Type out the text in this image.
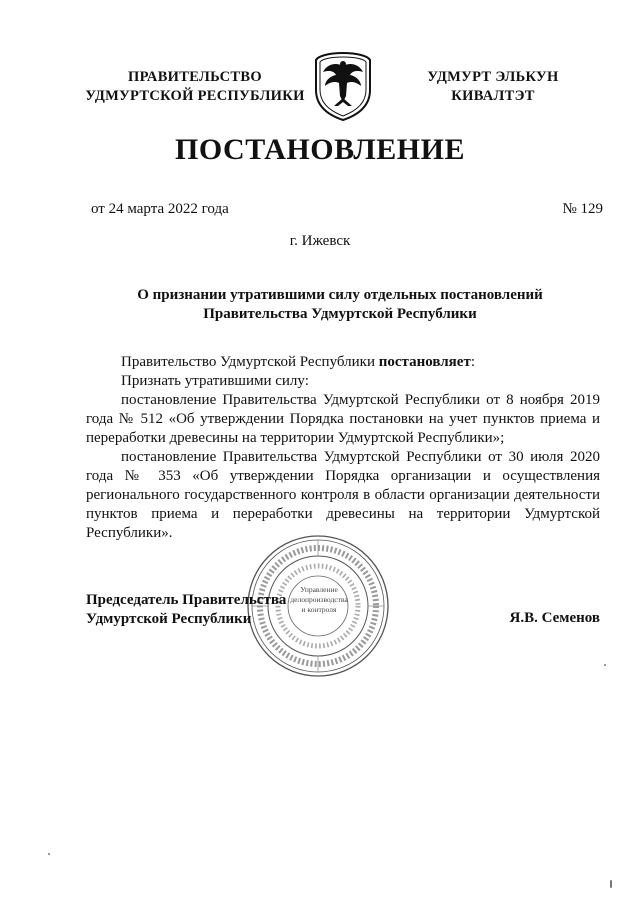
ПРАВИТЕЛЬСТВО
УДМУРТСКОЙ РЕСПУБЛИКИ
УДМУРТ ЭЛЬКУН
КИВАЛТЭТ
ПОСТАНОВЛЕНИЕ
от 24 марта 2022 года	№ 129
г. Ижевск
О признании утратившими силу отдельных постановлений
Правительства Удмуртской Республики

Правительство Удмуртской Республики постановляет:

Признать утратившими силу:

постановление Правительства Удмуртской Республики от 8 ноября 2019 года № 512 «Об утверждении Порядка постановки на учет пунктов приема и переработки древесины на территории Удмуртской Республики»;

постановление Правительства Удмуртской Республики от 30 июля 2020 года № 353 «Об утверждении Порядка организации и осуществления регионального государственного контроля в области организации деятельности пунктов приема и переработки древесины на территории Удмуртской Республики».

Управление
делопроизводства
и контроля
Председатель Правительства
Удмуртской Республики	Я.В. Семенов
